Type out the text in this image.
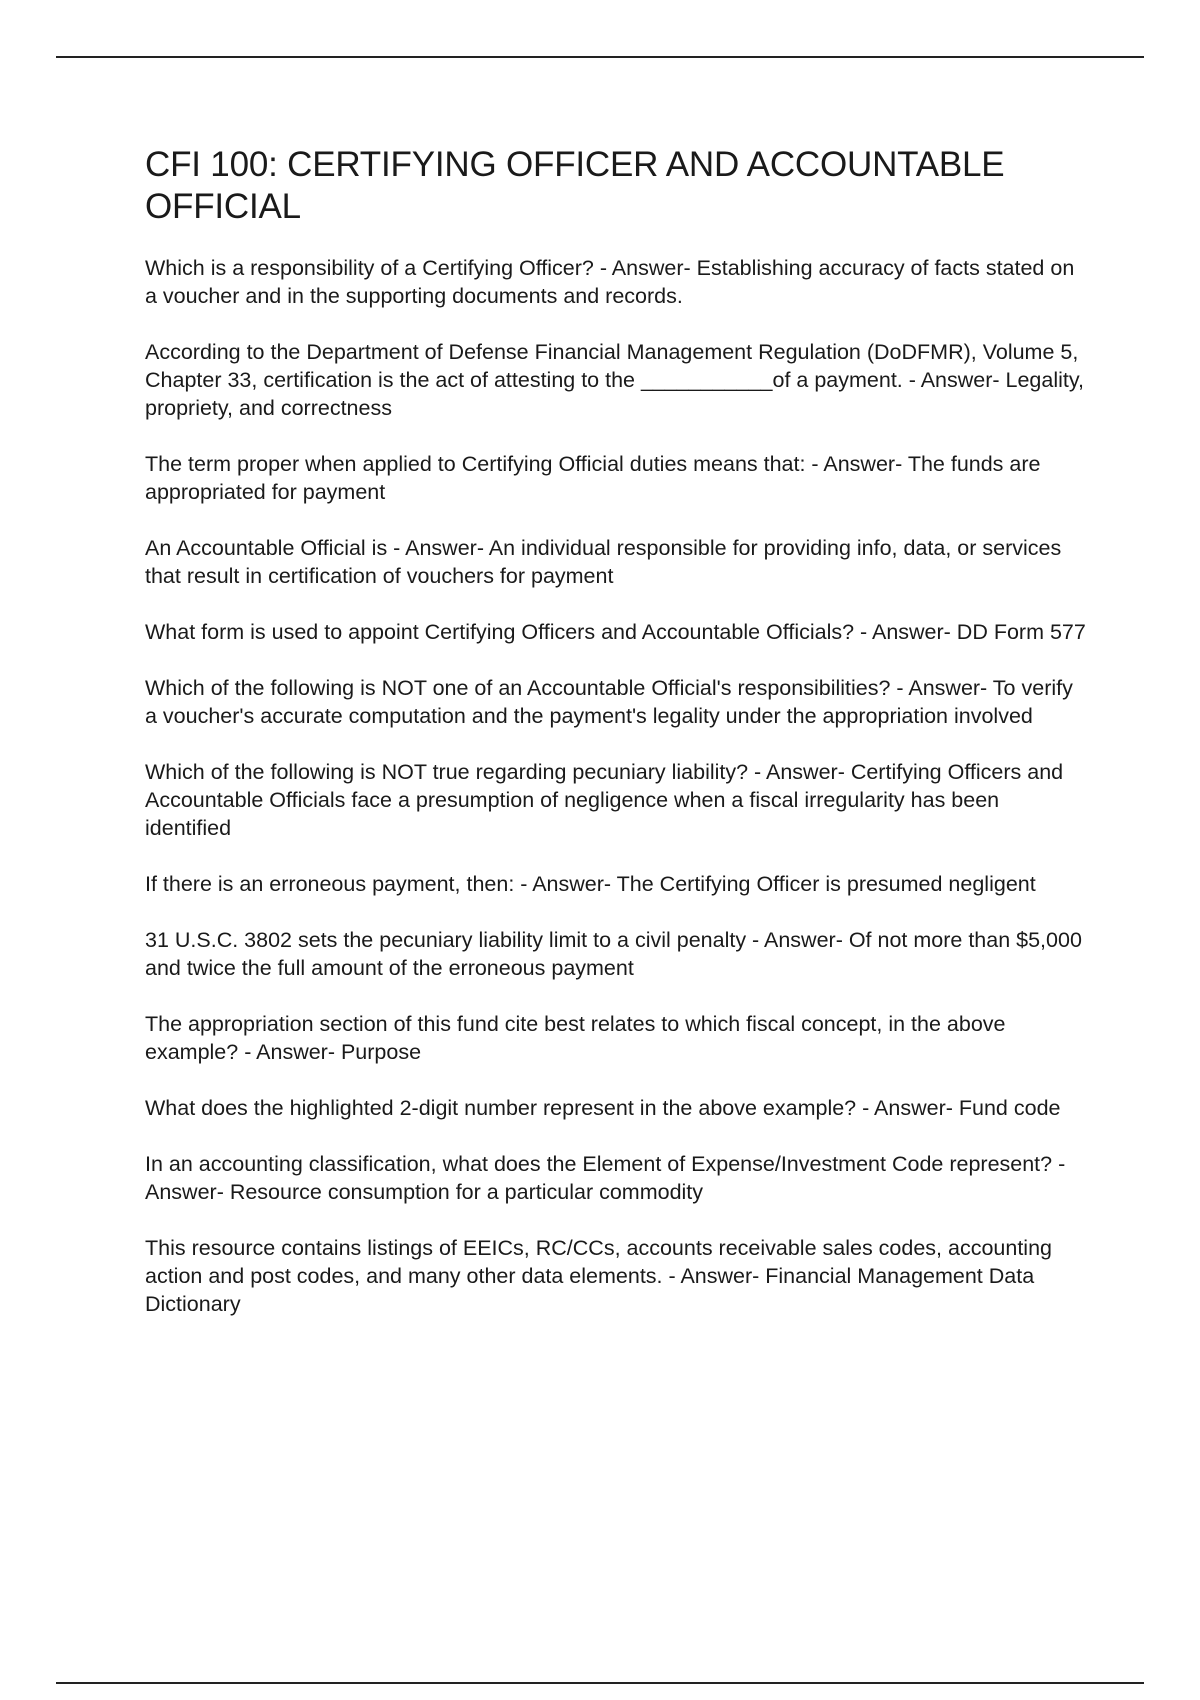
CFI 100: CERTIFYING OFFICER AND ACCOUNTABLE OFFICIAL

Which is a responsibility of a Certifying Officer? - Answer- Establishing accuracy of facts stated on a voucher and in the supporting documents and records.

According to the Department of Defense Financial Management Regulation (DoDFMR), Volume 5, Chapter 33, certification is the act of attesting to the ___________of a payment. - Answer- Legality, propriety, and correctness

The term proper when applied to Certifying Official duties means that: - Answer- The funds are appropriated for payment

An Accountable Official is - Answer- An individual responsible for providing info, data, or services that result in certification of vouchers for payment

What form is used to appoint Certifying Officers and Accountable Officials? - Answer- DD Form 577

Which of the following is NOT one of an Accountable Official's responsibilities? - Answer- To verify a voucher's accurate computation and the payment's legality under the appropriation involved

Which of the following is NOT true regarding pecuniary liability? - Answer- Certifying Officers and Accountable Officials face a presumption of negligence when a fiscal irregularity has been identified

If there is an erroneous payment, then: - Answer- The Certifying Officer is presumed negligent

31 U.S.C. 3802 sets the pecuniary liability limit to a civil penalty - Answer- Of not more than $5,000 and twice the full amount of the erroneous payment

The appropriation section of this fund cite best relates to which fiscal concept, in the above example? - Answer- Purpose

What does the highlighted 2-digit number represent in the above example? - Answer- Fund code

In an accounting classification, what does the Element of Expense/Investment Code represent? - Answer- Resource consumption for a particular commodity

This resource contains listings of EEICs, RC/CCs, accounts receivable sales codes, accounting action and post codes, and many other data elements. - Answer- Financial Management Data Dictionary
